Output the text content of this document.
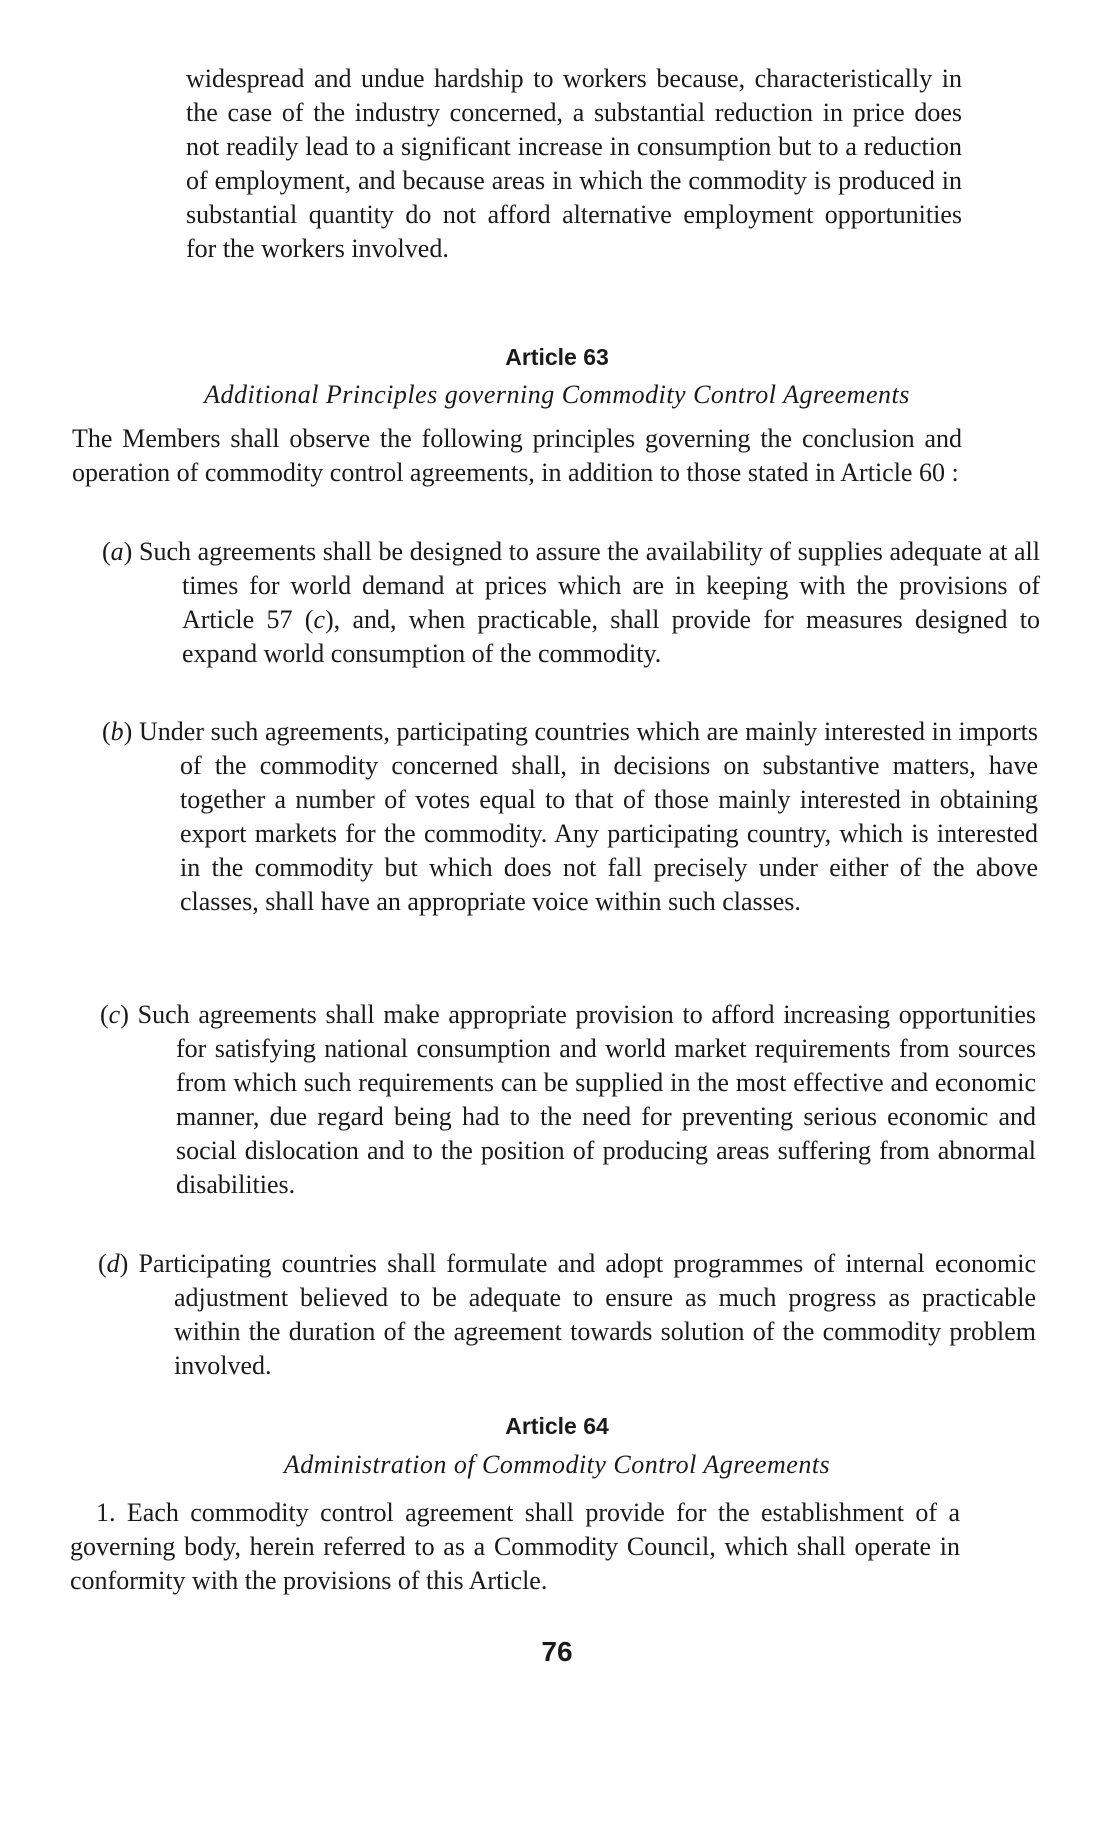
widespread and undue hardship to workers because, characteristically in the case of the industry concerned, a substantial reduction in price does not readily lead to a significant increase in consumption but to a reduction of employment, and because areas in which the commodity is produced in substantial quantity do not afford alternative employment opportunities for the workers involved.

Article 63

Additional Principles governing Commodity Control Agreements

The Members shall observe the following principles governing the conclusion and operation of commodity control agreements, in addition to those stated in Article 60 :

(a) Such agreements shall be designed to assure the availability of supplies adequate at all times for world demand at prices which are in keeping with the provisions of Article 57 (c), and, when practicable, shall provide for measures designed to expand world consumption of the commodity.

(b) Under such agreements, participating countries which are mainly interested in imports of the commodity concerned shall, in decisions on substantive matters, have together a number of votes equal to that of those mainly interested in obtaining export markets for the commodity. Any participating country, which is interested in the commodity but which does not fall precisely under either of the above classes, shall have an appropriate voice within such classes.

(c) Such agreements shall make appropriate provision to afford increasing opportunities for satisfying national consumption and world market requirements from sources from which such requirements can be supplied in the most effective and economic manner, due regard being had to the need for preventing serious economic and social dislocation and to the position of producing areas suffering from abnormal disabilities.

(d) Participating countries shall formulate and adopt programmes of internal economic adjustment believed to be adequate to ensure as much progress as practicable within the duration of the agreement towards solution of the commodity problem involved.

Article 64

Administration of Commodity Control Agreements

1. Each commodity control agreement shall provide for the establishment of a governing body, herein referred to as a Commodity Council, which shall operate in conformity with the provisions of this Article.

76
